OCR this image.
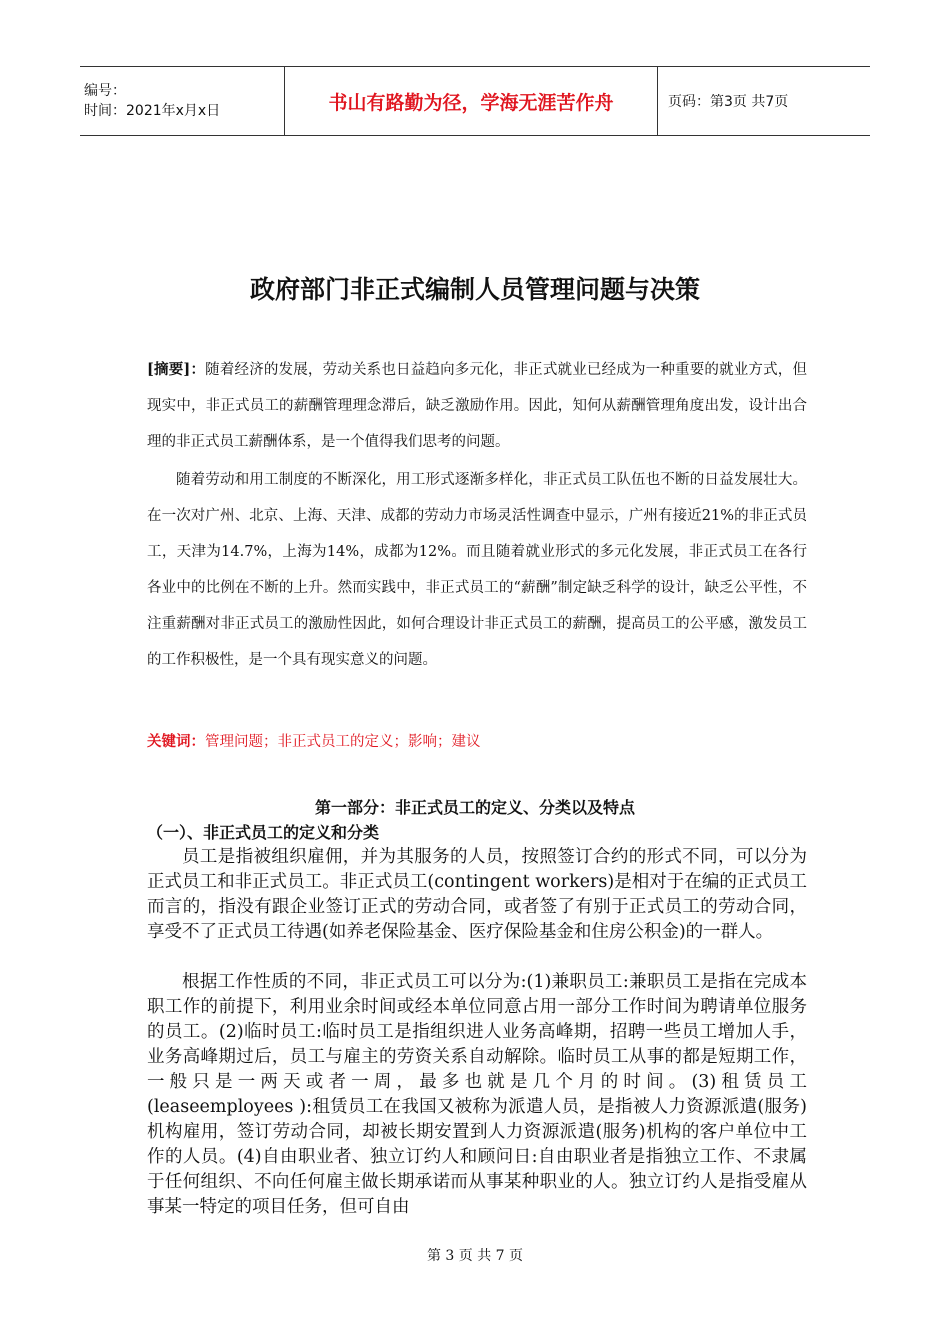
编号：
时间：2021年x月x日	书山有路勤为径，学海无涯苦作舟	页码：第3页 共7页
政府部门非正式编制人员管理问题与决策

[摘要]：随着经济的发展，劳动关系也日益趋向多元化，非正式就业已经成为一种重要的就业方式，但现实中，非正式员工的薪酬管理理念滞后，缺乏激励作用。因此，知何从薪酬管理角度出发，设计出合理的非正式员工薪酬体系，是一个值得我们思考的问题。

随着劳动和用工制度的不断深化，用工形式逐渐多样化，非正式员工队伍也不断的日益发展壮大。在一次对广州、北京、上海、天津、成都的劳动力市场灵活性调查中显示，广州有接近21%的非正式员工，天津为14.7%，上海为14%，成都为12%。而且随着就业形式的多元化发展，非正式员工在各行各业中的比例在不断的上升。然而实践中，非正式员工的“薪酬”制定缺乏科学的设计，缺乏公平性，不注重薪酬对非正式员工的激励性因此，如何合理设计非正式员工的薪酬，提高员工的公平感，激发员工的工作积极性，是一个具有现实意义的问题。

关键词：管理问题；非正式员工的定义；影响；建议
第一部分：非正式员工的定义、分类以及特点
（一）、非正式员工的定义和分类

员工是指被组织雇佣，并为其服务的人员，按照签订合约的形式不同，可以分为正式员工和非正式员工。非正式员工(contingent workers)是相对于在编的正式员工而言的，指没有跟企业签订正式的劳动合同，或者签了有别于正式员工的劳动合同，享受不了正式员工待遇(如养老保险基金、医疗保险基金和住房公积金)的一群人。

根据工作性质的不同，非正式员工可以分为:(1)兼职员工:兼职员工是指在完成本职工作的前提下，利用业余时间或经本单位同意占用一部分工作时间为聘请单位服务的员工。(2)临时员工:临时员工是指组织进人业务高峰期，招聘一些员工增加人手，业务高峰期过后，员工与雇主的劳资关系自动解除。临时员工从事的都是短期工作，一般只是一两天或者一周，最多也就是几个月的时间。(3)租赁员工(leaseemployees ):租赁员工在我国又被称为派遣人员，是指被人力资源派遣(服务)机构雇用，签订劳动合同，却被长期安置到人力资源派遣(服务)机构的客户单位中工作的人员。(4)自由职业者、独立订约人和顾问日:自由职业者是指独立工作、不隶属于任何组织、不向任何雇主做长期承诺而从事某种职业的人。独立订约人是指受雇从事某一特定的项目任务，但可自由

第 3 页 共 7 页
